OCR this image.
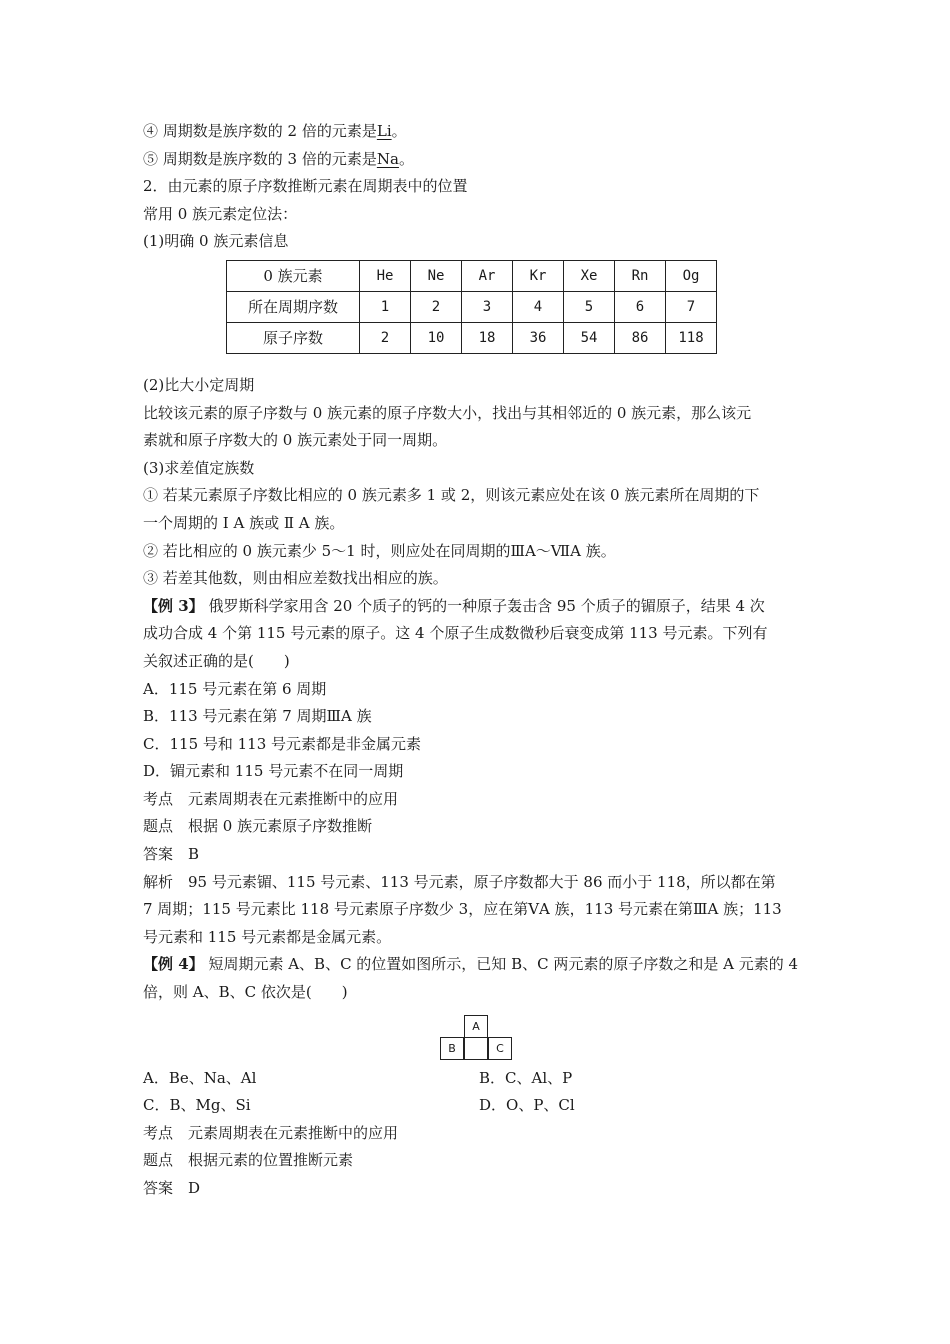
④ 周期数是族序数的 2 倍的元素是Li。
⑤ 周期数是族序数的 3 倍的元素是Na。
2．由元素的原子序数推断元素在周期表中的位置
常用 0 族元素定位法：
(1)明确 0 族元素信息
0 族元素	He	Ne	Ar	Kr	Xe	Rn	Og
所在周期序数	1	2	3	4	5	6	7
原子序数	2	10	18	36	54	86	118
(2)比大小定周期
比较该元素的原子序数与 0 族元素的原子序数大小，找出与其相邻近的 0 族元素，那么该元
素就和原子序数大的 0 族元素处于同一周期。
(3)求差值定族数
① 若某元素原子序数比相应的 0 族元素多 1 或 2，则该元素应处在该 0 族元素所在周期的下
一个周期的 Ⅰ A 族或 Ⅱ A 族。
② 若比相应的 0 族元素少 5～1 时，则应处在同周期的ⅢA～ⅦA 族。
③ 若差其他数，则由相应差数找出相应的族。
【例 3】 俄罗斯科学家用含 20 个质子的钙的一种原子轰击含 95 个质子的镅原子，结果 4 次
成功合成 4 个第 115 号元素的原子。这 4 个原子生成数微秒后衰变成第 113 号元素。下列有
关叙述正确的是(　　)
A．115 号元素在第 6 周期
B．113 号元素在第 7 周期ⅢA 族
C．115 号和 113 号元素都是非金属元素
D．镅元素和 115 号元素不在同一周期
考点　元素周期表在元素推断中的应用
题点　根据 0 族元素原子序数推断
答案　B
解析　95 号元素镅、115 号元素、113 号元素，原子序数都大于 86 而小于 118，所以都在第
7 周期；115 号元素比 118 号元素原子序数少 3，应在第ⅤA 族，113 号元素在第ⅢA 族；113
号元素和 115 号元素都是金属元素。
【例 4】 短周期元素 A、B、C 的位置如图所示，已知 B、C 两元素的原子序数之和是 A 元素的 4
倍，则 A、B、C 依次是(　　)
A
B	C
A．Be、Na、Al	B．C、Al、P
C．B、Mg、Si	D．O、P、Cl
考点　元素周期表在元素推断中的应用
题点　根据元素的位置推断元素
答案　D
